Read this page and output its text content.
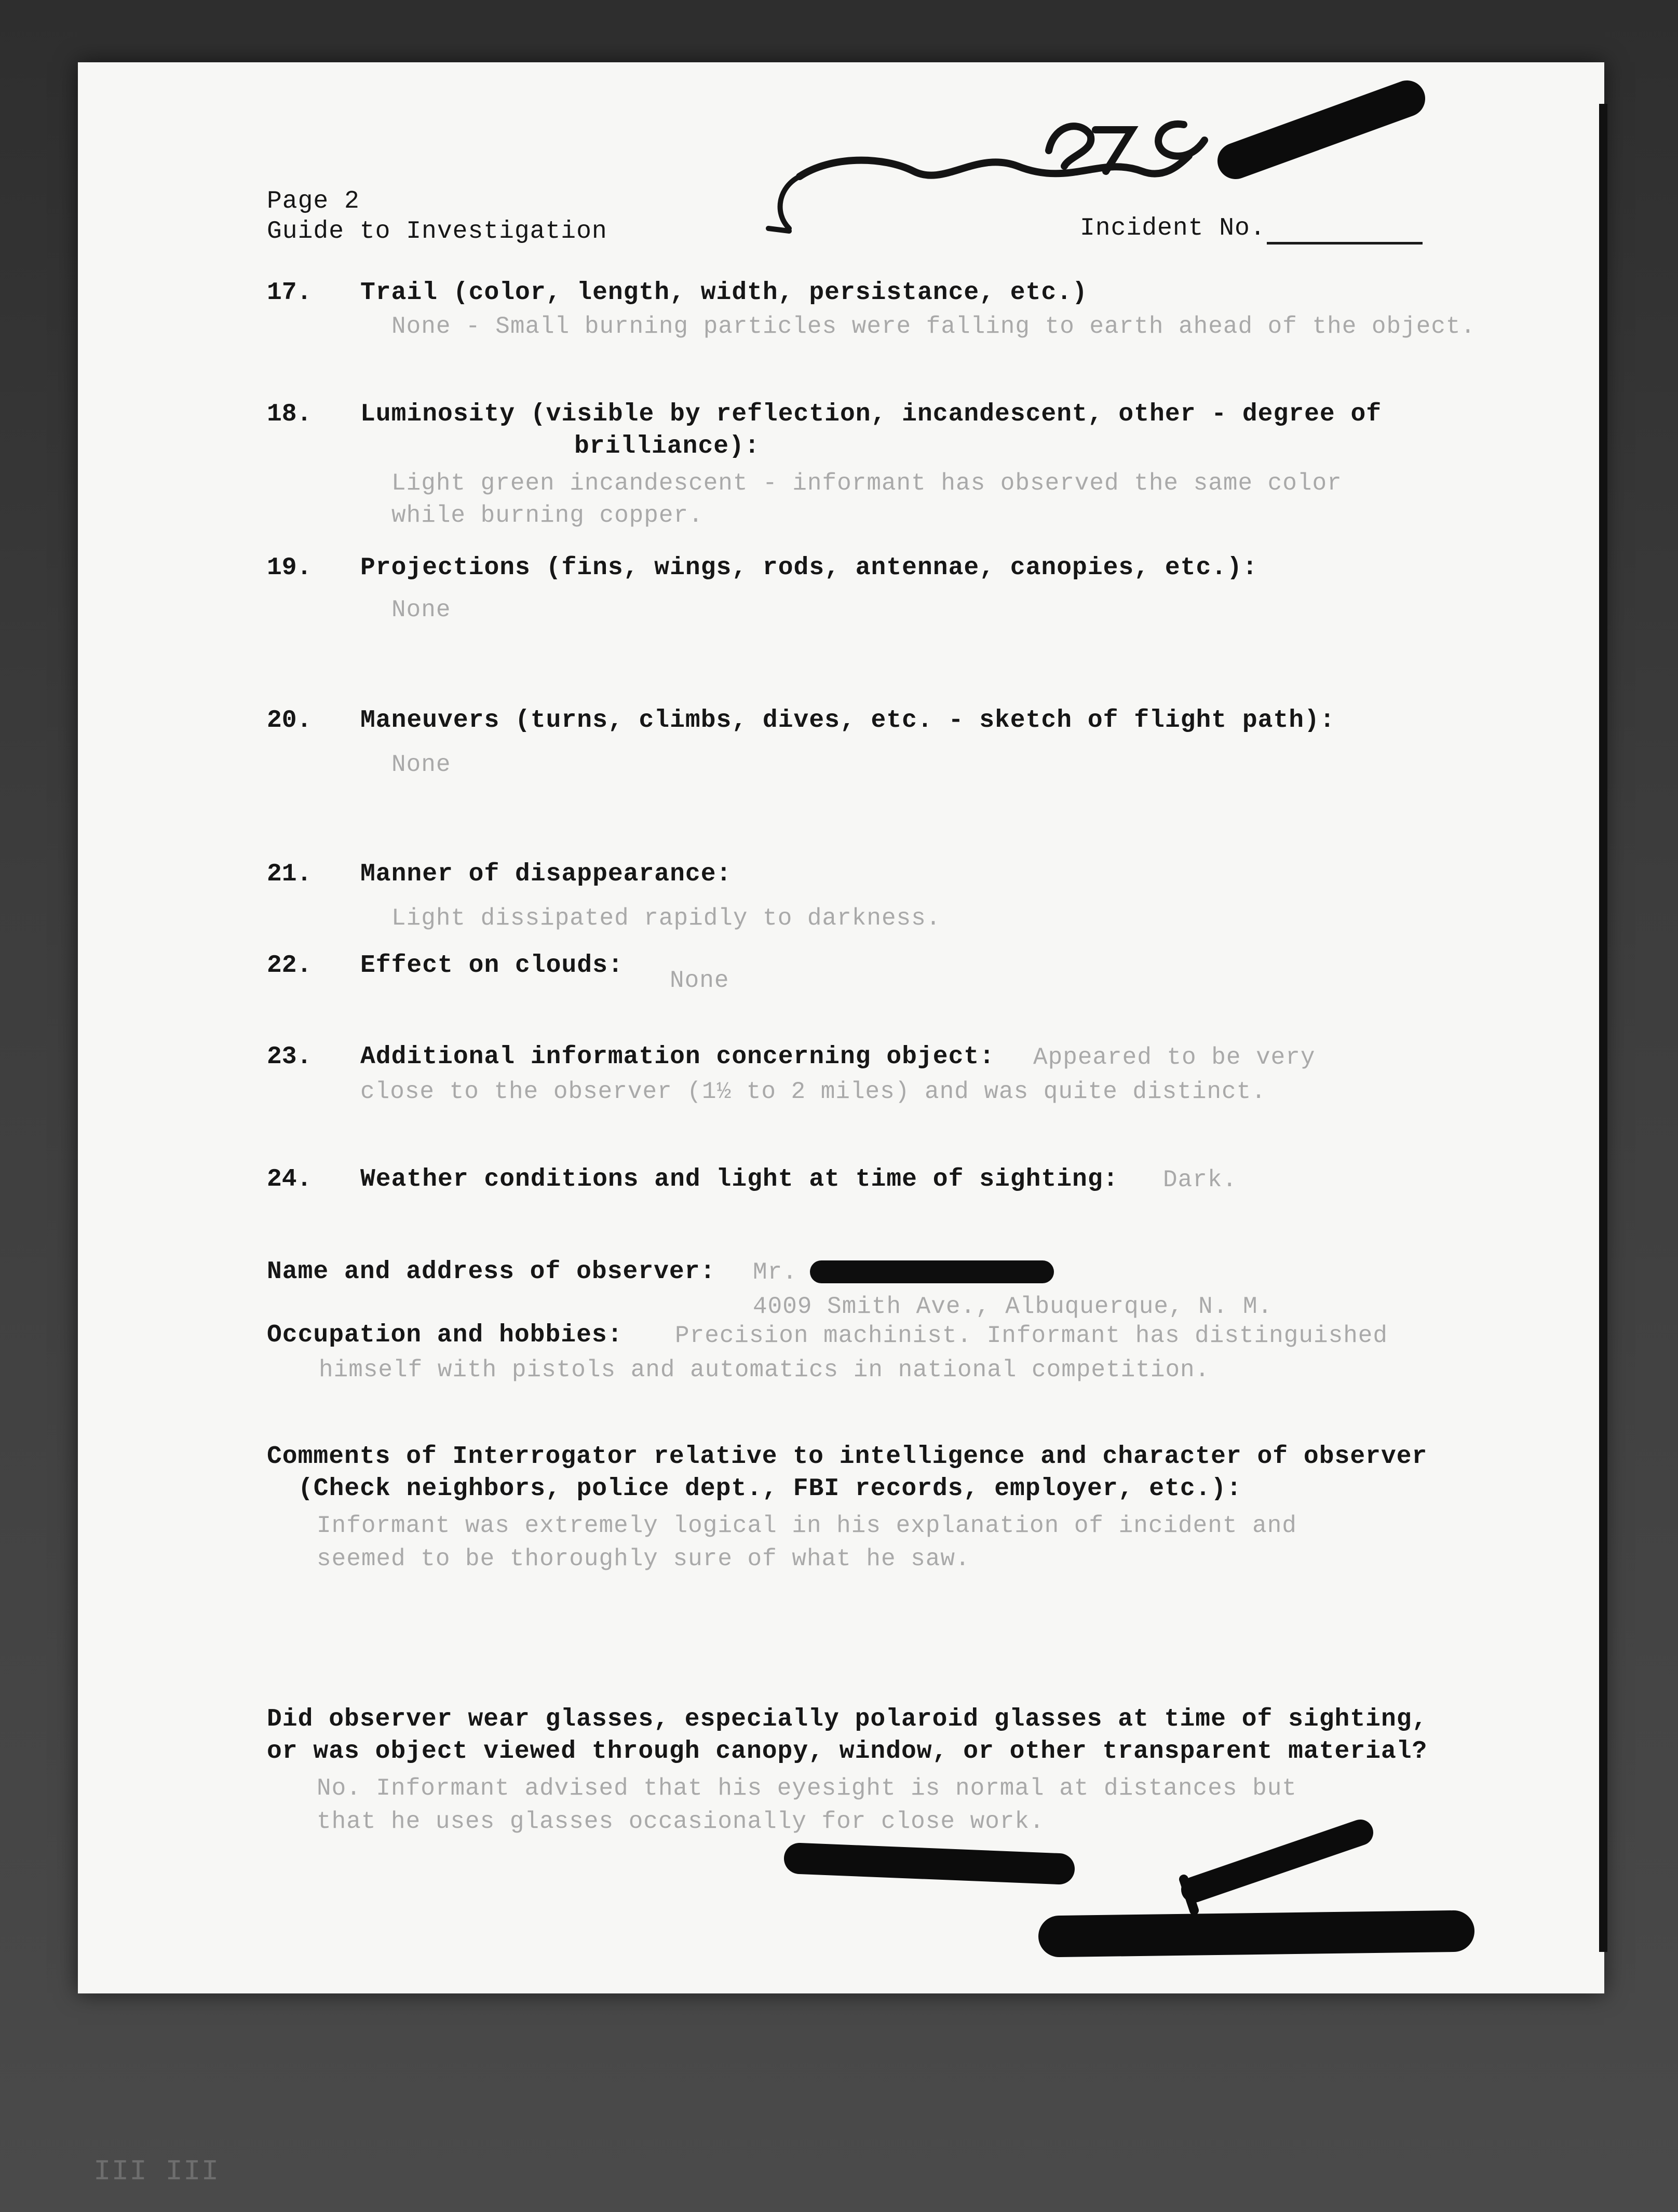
Page 2

Guide to Investigation	Incident No.

17. Trail (color, length, width, persistance, etc.)

None - Small burning particles were falling to earth ahead of the object.

18. Luminosity (visible by reflection, incandescent, other - degree of

brilliance):

Light green incandescent - informant has observed the same color

while burning copper.

19. Projections (fins, wings, rods, antennae, canopies, etc.):

None

20. Maneuvers (turns, climbs, dives, etc. - sketch of flight path):

None

21. Manner of disappearance:

Light dissipated rapidly to darkness.

22. Effect on clouds:

None

23. Additional information concerning object: Appeared to be very

close to the observer (1½ to 2 miles) and was quite distinct.

24. Weather conditions and light at time of sighting: Dark.

Name and address of observer: Mr.

4009 Smith Ave., Albuquerque, N. M.

Occupation and hobbies: Precision machinist. Informant has distinguished

himself with pistols and automatics in national competition.

Comments of Interrogator relative to intelligence and character of observer

(Check neighbors, police dept., FBI records, employer, etc.):

Informant was extremely logical in his explanation of incident and

seemed to be thoroughly sure of what he saw.

Did observer wear glasses, especially polaroid glasses at time of sighting,

or was object viewed through canopy, window, or other transparent material?

No. Informant advised that his eyesight is normal at distances but

that he uses glasses occasionally for close work.

III III
